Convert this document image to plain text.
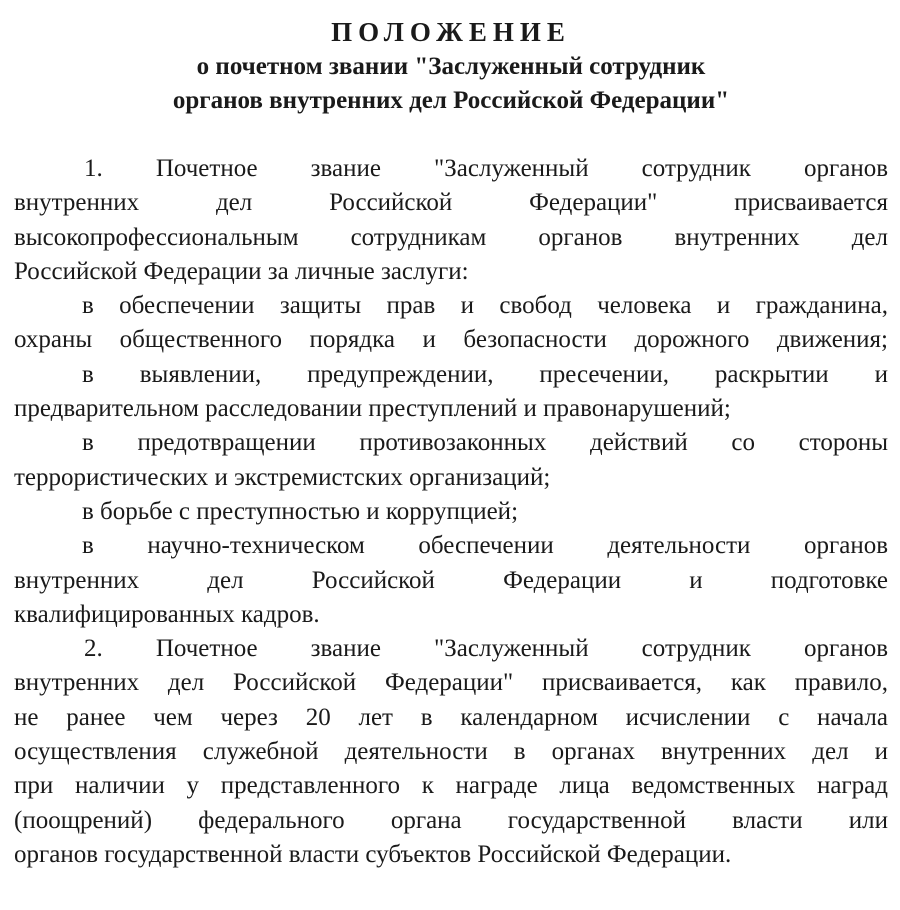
ПОЛОЖЕНИЕ

о почетном звании "Заслуженный сотрудник

органов внутренних дел Российской Федерации"

1. Почетное звание "Заслуженный сотрудник органов
внутренних дел Российской Федерации" присваивается
высокопрофессиональным сотрудникам органов внутренних дел
Российской Федерации за личные заслуги:
в обеспечении защиты прав и свобод человека и гражданина,
охраны общественного порядка и безопасности дорожного движения;
в выявлении, предупреждении, пресечении, раскрытии и
предварительном расследовании преступлений и правонарушений;
в предотвращении противозаконных действий со стороны
террористических и экстремистских организаций;
в борьбе с преступностью и коррупцией;
в научно-техническом обеспечении деятельности органов
внутренних дел Российской Федерации и подготовке
квалифицированных кадров.
2. Почетное звание "Заслуженный сотрудник органов
внутренних дел Российской Федерации" присваивается, как правило,
не ранее чем через 20 лет в календарном исчислении с начала
осуществления служебной деятельности в органах внутренних дел и
при наличии у представленного к награде лица ведомственных наград
(поощрений) федерального органа государственной власти или
органов государственной власти субъектов Российской Федерации.
